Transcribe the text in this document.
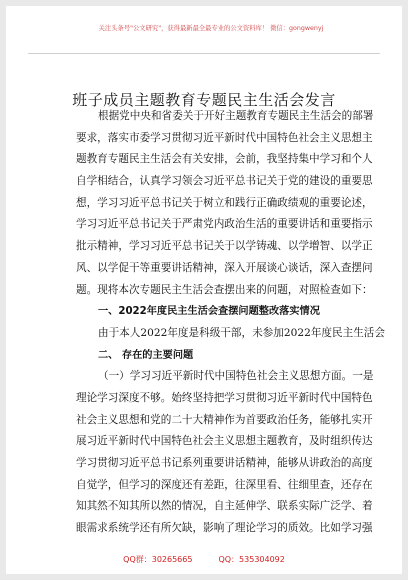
关注头条号"公文研究"，获得最新最全最专业的公文资料库！ 微信：gongwenyj
班子成员主题教育专题民主生活会发言
根据党中央和省委关于开好主题教育专题民主生活会的部署
要求，落实市委学习贯彻习近平新时代中国特色社会主义思想主
题教育专题民主生活会有关安排，会前，我坚持集中学习和个人
自学相结合，认真学习领会习近平总书记关于党的建设的重要思
想，学习习近平总书记关于树立和践行正确政绩观的重要论述，
学习习近平总书记关于严肃党内政治生活的重要讲话和重要指示
批示精神，学习习近平总书记关于以学铸魂、以学增智、以学正
风、以学促干等重要讲话精神，深入开展谈心谈话，深入查摆问
题。现将本次专题民主生活会查摆出来的问题，对照检查如下：
一、2022年度民主生活会查摆问题整改落实情况
由于本人2022年度是科级干部，未参加2022年度民主生活会
二、 存在的主要问题
（一）学习习近平新时代中国特色社会主义思想方面。一是
理论学习深度不够。始终坚持把学习贯彻习近平新时代中国特色
社会主义思想和党的二十大精神作为首要政治任务，能够扎实开
展习近平新时代中国特色社会主义思想主题教育，及时组织传达
学习贯彻习近平总书记系列重要讲话精神，能够从讲政治的高度
自觉学，但学习的深度还有差距，往深里看、往细里查，还存在
知其然不知其所以然的情况，自主延伸学、联系实际广泛学、着
眼需求系统学还有所欠缺，影响了理论学习的质效。比如学习强
QQ群：30265665	QQ：535304092
